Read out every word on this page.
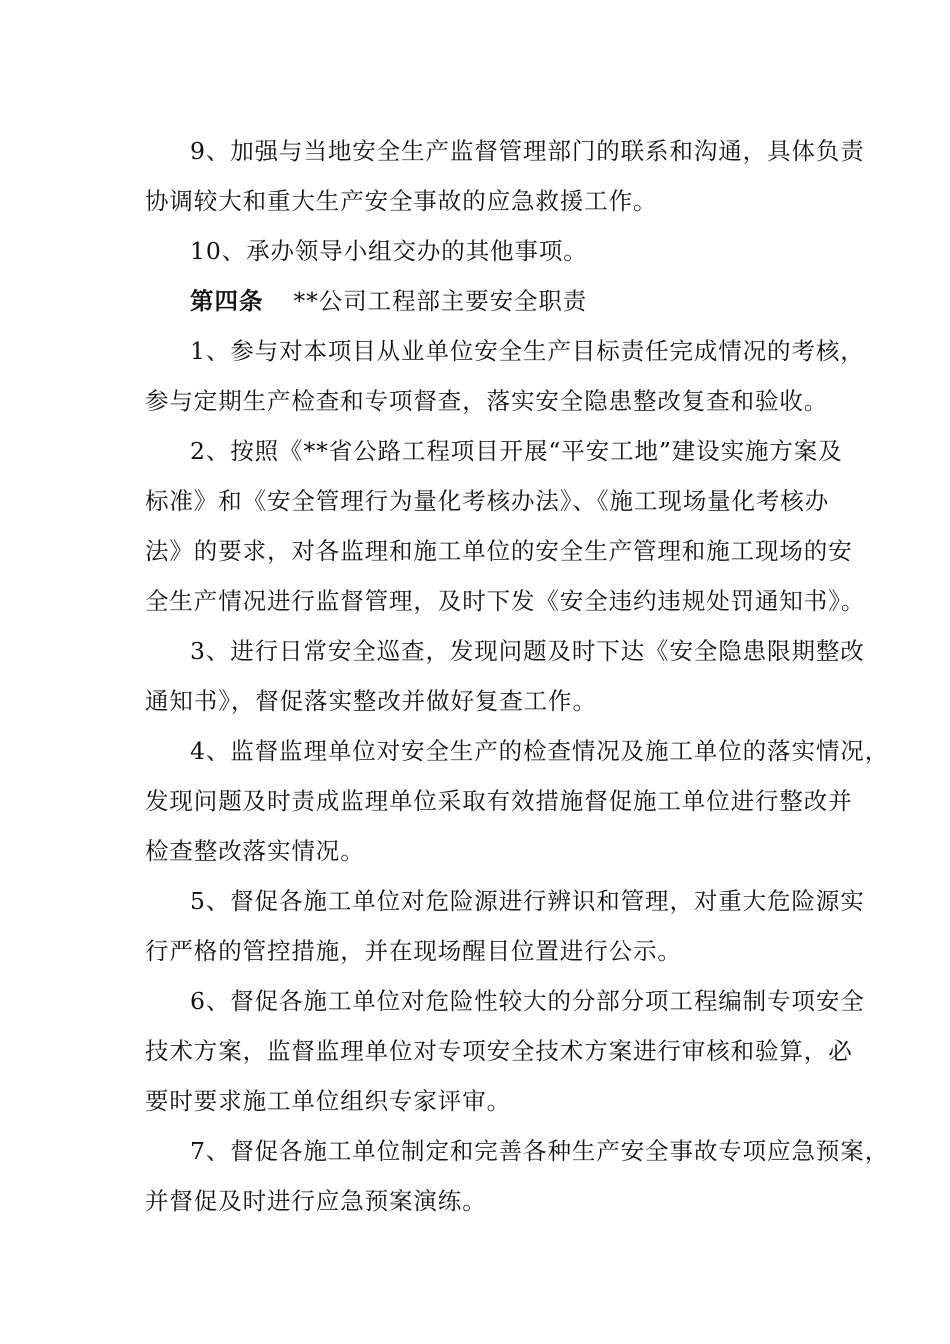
9、加强与当地安全生产监督管理部门的联系和沟通，具体负责
协调较大和重大生产安全事故的应急救援工作。
10、承办领导小组交办的其他事项。
第四条 **公司工程部主要安全职责
1、参与对本项目从业单位安全生产目标责任完成情况的考核，
参与定期生产检查和专项督查，落实安全隐患整改复查和验收。
2、按照《**省公路工程项目开展“平安工地”建设实施方案及
标准》和《安全管理行为量化考核办法》、《施工现场量化考核办
法》的要求，对各监理和施工单位的安全生产管理和施工现场的安
全生产情况进行监督管理，及时下发《安全违约违规处罚通知书》。
3、进行日常安全巡查，发现问题及时下达《安全隐患限期整改
通知书》，督促落实整改并做好复查工作。
4、监督监理单位对安全生产的检查情况及施工单位的落实情况，
发现问题及时责成监理单位采取有效措施督促施工单位进行整改并
检查整改落实情况。
5、督促各施工单位对危险源进行辨识和管理，对重大危险源实
行严格的管控措施，并在现场醒目位置进行公示。
6、督促各施工单位对危险性较大的分部分项工程编制专项安全
技术方案，监督监理单位对专项安全技术方案进行审核和验算，必
要时要求施工单位组织专家评审。
7、督促各施工单位制定和完善各种生产安全事故专项应急预案，
并督促及时进行应急预案演练。
